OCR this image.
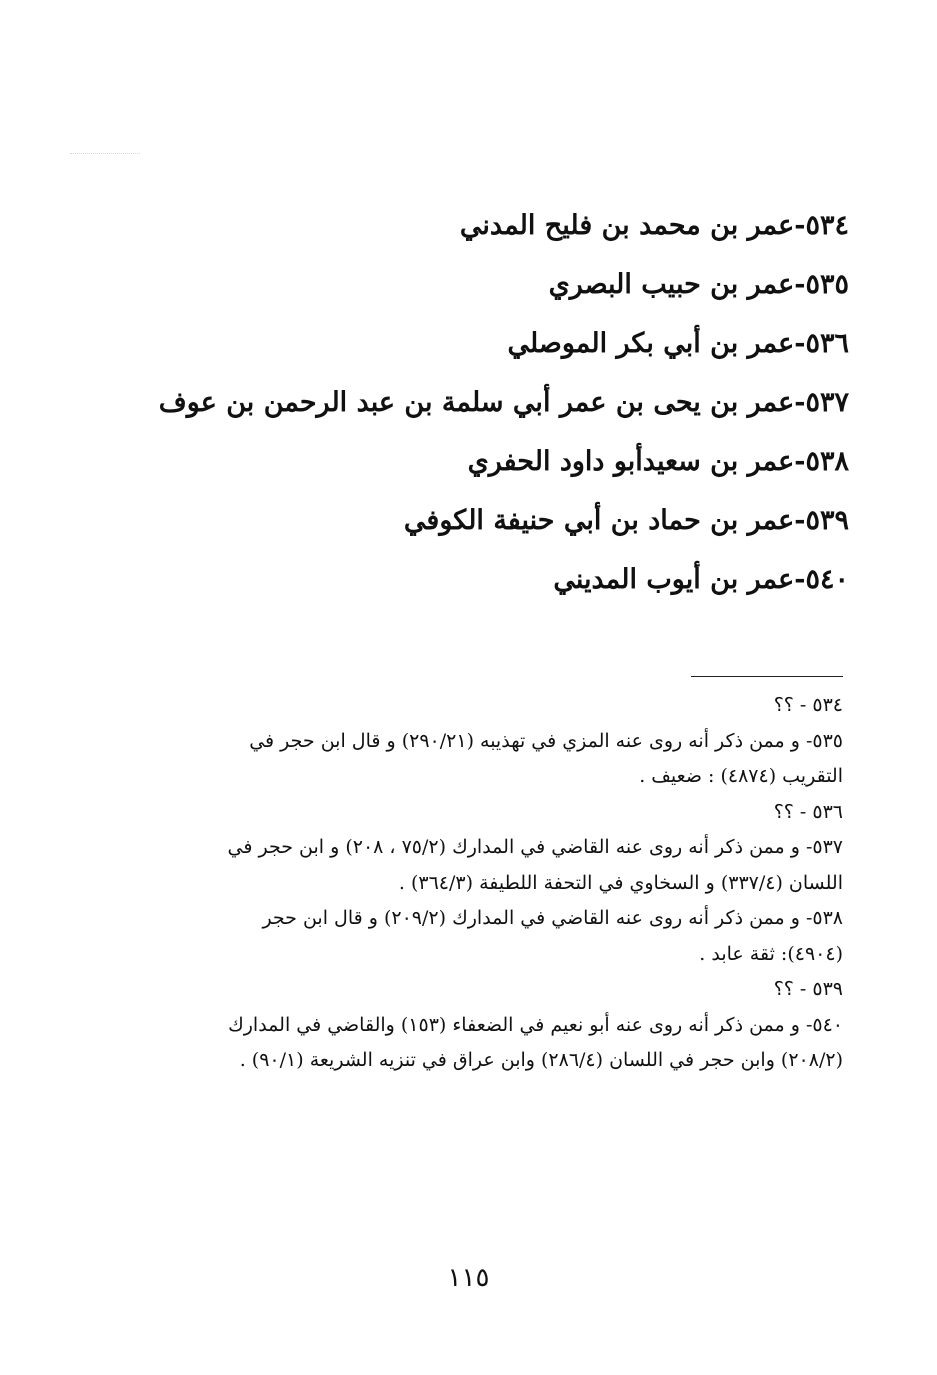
٥٣٤-عمر بن محمد بن فليح المدني
٥٣٥-عمر بن حبيب البصري
٥٣٦-عمر بن أبي بكر الموصلي
٥٣٧-عمر بن يحى بن عمر أبي سلمة بن عبد الرحمن بن عوف
٥٣٨-عمر بن سعيدأبو داود الحفري
٥٣٩-عمر بن حماد بن أبي حنيفة الكوفي
٥٤٠-عمر بن أيوب المديني
٥٣٤ - ؟؟
٥٣٥- و ممن ذكر أنه روى عنه المزي في تهذيبه (٢٩٠/٢١) و قال ابن حجر في
التقريب (٤٨٧٤) : ضعيف .
٥٣٦ - ؟؟
٥٣٧- و ممن ذكر أنه روى عنه القاضي في المدارك (٧٥/٢ ، ٢٠٨) و ابن حجر في
اللسان (٣٣٧/٤) و السخاوي في التحفة اللطيفة (٣٦٤/٣) .
٥٣٨- و ممن ذكر أنه روى عنه القاضي في المدارك (٢٠٩/٢) و قال ابن حجر
(٤٩٠٤): ثقة عابد .
٥٣٩ - ؟؟
٥٤٠- و ممن ذكر أنه روى عنه أبو نعيم في الضعفاء (١٥٣) والقاضي في المدارك
(٢٠٨/٢) وابن حجر في اللسان (٢٨٦/٤) وابن عراق في تنزيه الشريعة (٩٠/١) .
١١٥
